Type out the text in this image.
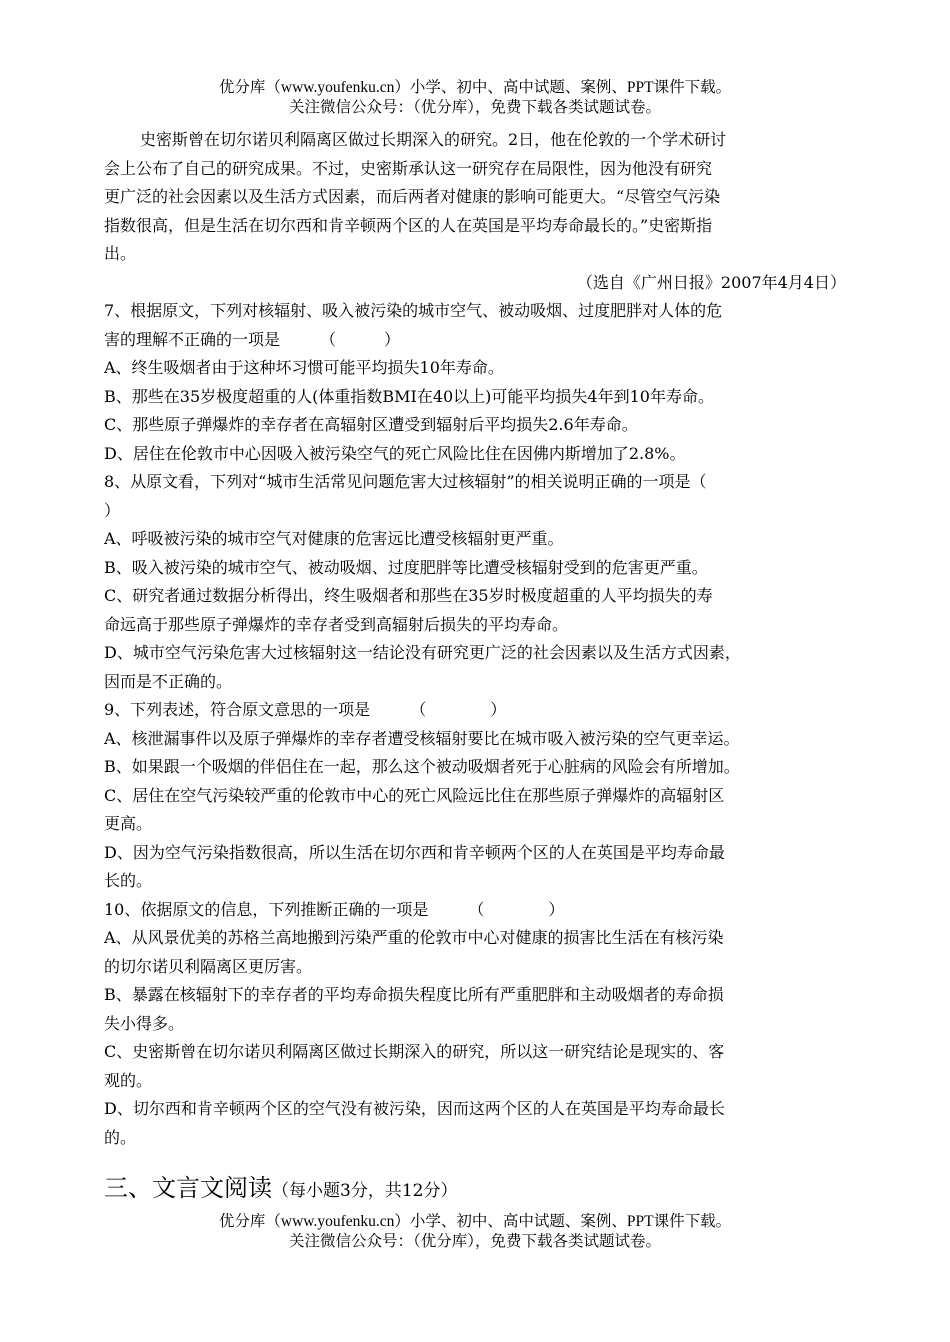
优分库（www.youfenku.cn）小学、初中、高中试题、案例、PPT课件下载。
关注微信公众号：（优分库），免费下载各类试题试卷。
史密斯曾在切尔诺贝利隔离区做过长期深入的研究。2日，他在伦敦的一个学术研讨
会上公布了自己的研究成果。不过，史密斯承认这一研究存在局限性，因为他没有研究
更广泛的社会因素以及生活方式因素，而后两者对健康的影响可能更大。“尽管空气污染
指数很高，但是生活在切尔西和肯辛顿两个区的人在英国是平均寿命最长的。”史密斯指
出。
（选自《广州日报》2007年4月4日）
7、根据原文，下列对核辐射、吸入被污染的城市空气、被动吸烟、过度肥胖对人体的危
害的理解不正确的一项是	（　　　）
A、终生吸烟者由于这种坏习惯可能平均损失10年寿命。
B、那些在35岁极度超重的人(体重指数BMI在40以上)可能平均损失4年到10年寿命。
C、那些原子弹爆炸的幸存者在高辐射区遭受到辐射后平均损失2.6年寿命。
D、居住在伦敦市中心因吸入被污染空气的死亡风险比住在因佛内斯增加了2.8%。
8、从原文看，下列对“城市生活常见问题危害大过核辐射”的相关说明正确的一项是（
）
A、呼吸被污染的城市空气对健康的危害远比遭受核辐射更严重。
B、吸入被污染的城市空气、被动吸烟、过度肥胖等比遭受核辐射受到的危害更严重。
C、研究者通过数据分析得出，终生吸烟者和那些在35岁时极度超重的人平均损失的寿
命远高于那些原子弹爆炸的幸存者受到高辐射后损失的平均寿命。
D、城市空气污染危害大过核辐射这一结论没有研究更广泛的社会因素以及生活方式因素，
因而是不正确的。
9、下列表述，符合原文意思的一项是	（　　　　）
A、核泄漏事件以及原子弹爆炸的幸存者遭受核辐射要比在城市吸入被污染的空气更幸运。
B、如果跟一个吸烟的伴侣住在一起，那么这个被动吸烟者死于心脏病的风险会有所增加。
C、居住在空气污染较严重的伦敦市中心的死亡风险远比住在那些原子弹爆炸的高辐射区
更高。
D、因为空气污染指数很高，所以生活在切尔西和肯辛顿两个区的人在英国是平均寿命最
长的。
10、依据原文的信息，下列推断正确的一项是	（　　　　）
A、从风景优美的苏格兰高地搬到污染严重的伦敦市中心对健康的损害比生活在有核污染
的切尔诺贝利隔离区更厉害。
B、暴露在核辐射下的幸存者的平均寿命损失程度比所有严重肥胖和主动吸烟者的寿命损
失小得多。
C、史密斯曾在切尔诺贝利隔离区做过长期深入的研究，所以这一研究结论是现实的、客
观的。
D、切尔西和肯辛顿两个区的空气没有被污染，因而这两个区的人在英国是平均寿命最长
的。
三、文言文阅读（每小题3分，共12分）
优分库（www.youfenku.cn）小学、初中、高中试题、案例、PPT课件下载。
关注微信公众号：（优分库），免费下载各类试题试卷。
